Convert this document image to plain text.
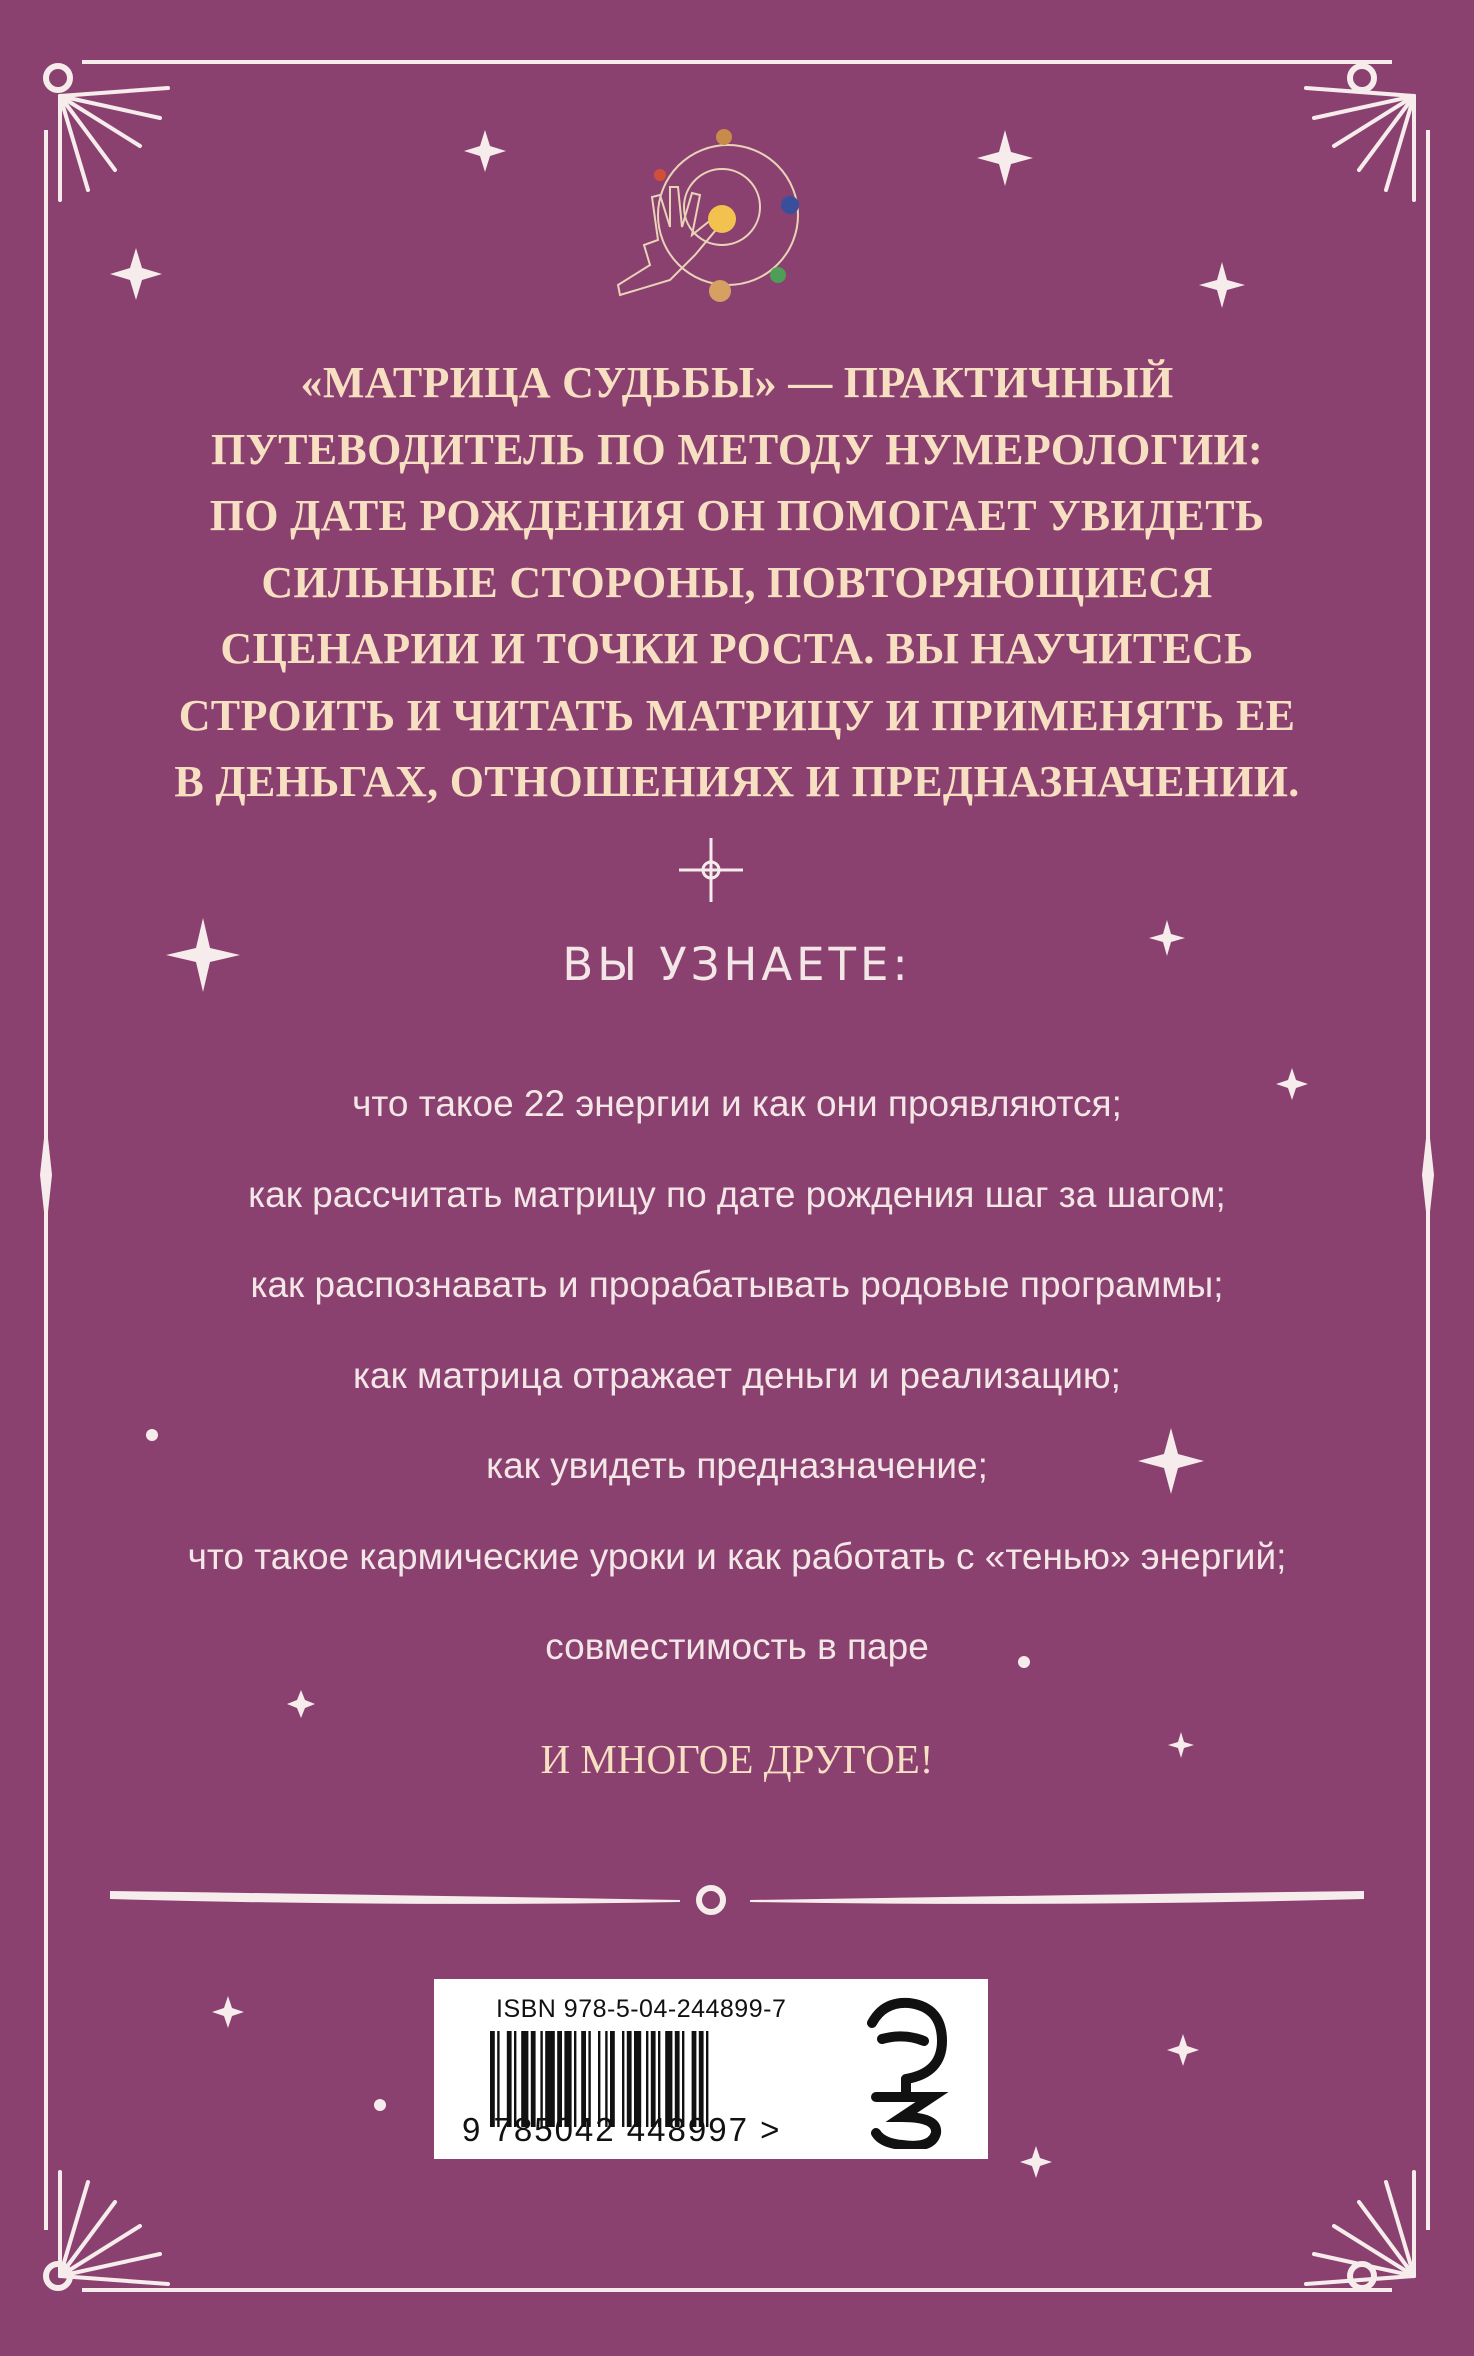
«МАТРИЦА СУДЬБЫ» — ПРАКТИЧНЫЙ
ПУТЕВОДИТЕЛЬ ПО МЕТОДУ НУМЕРОЛОГИИ:
ПО ДАТЕ РОЖДЕНИЯ ОН ПОМОГАЕТ УВИДЕТЬ
СИЛЬНЫЕ СТОРОНЫ, ПОВТОРЯЮЩИЕСЯ
СЦЕНАРИИ И ТОЧКИ РОСТА. ВЫ НАУЧИТЕСЬ
СТРОИТЬ И ЧИТАТЬ МАТРИЦУ И ПРИМЕНЯТЬ ЕЕ
В ДЕНЬГАХ, ОТНОШЕНИЯХ И ПРЕДНАЗНАЧЕНИИ.
ВЫ УЗНАЕТЕ:
что такое 22 энергии и как они проявляются;
как рассчитать матрицу по дате рождения шаг за шагом;
как распознавать и прорабатывать родовые программы;
как матрица отражает деньги и реализацию;
как увидеть предназначение;
что такое кармические уроки и как работать с «тенью» энергий;
совместимость в паре
И МНОГОЕ ДРУГОЕ!
ISBN 978-5-04-244899-7
9 785042 448997 >
